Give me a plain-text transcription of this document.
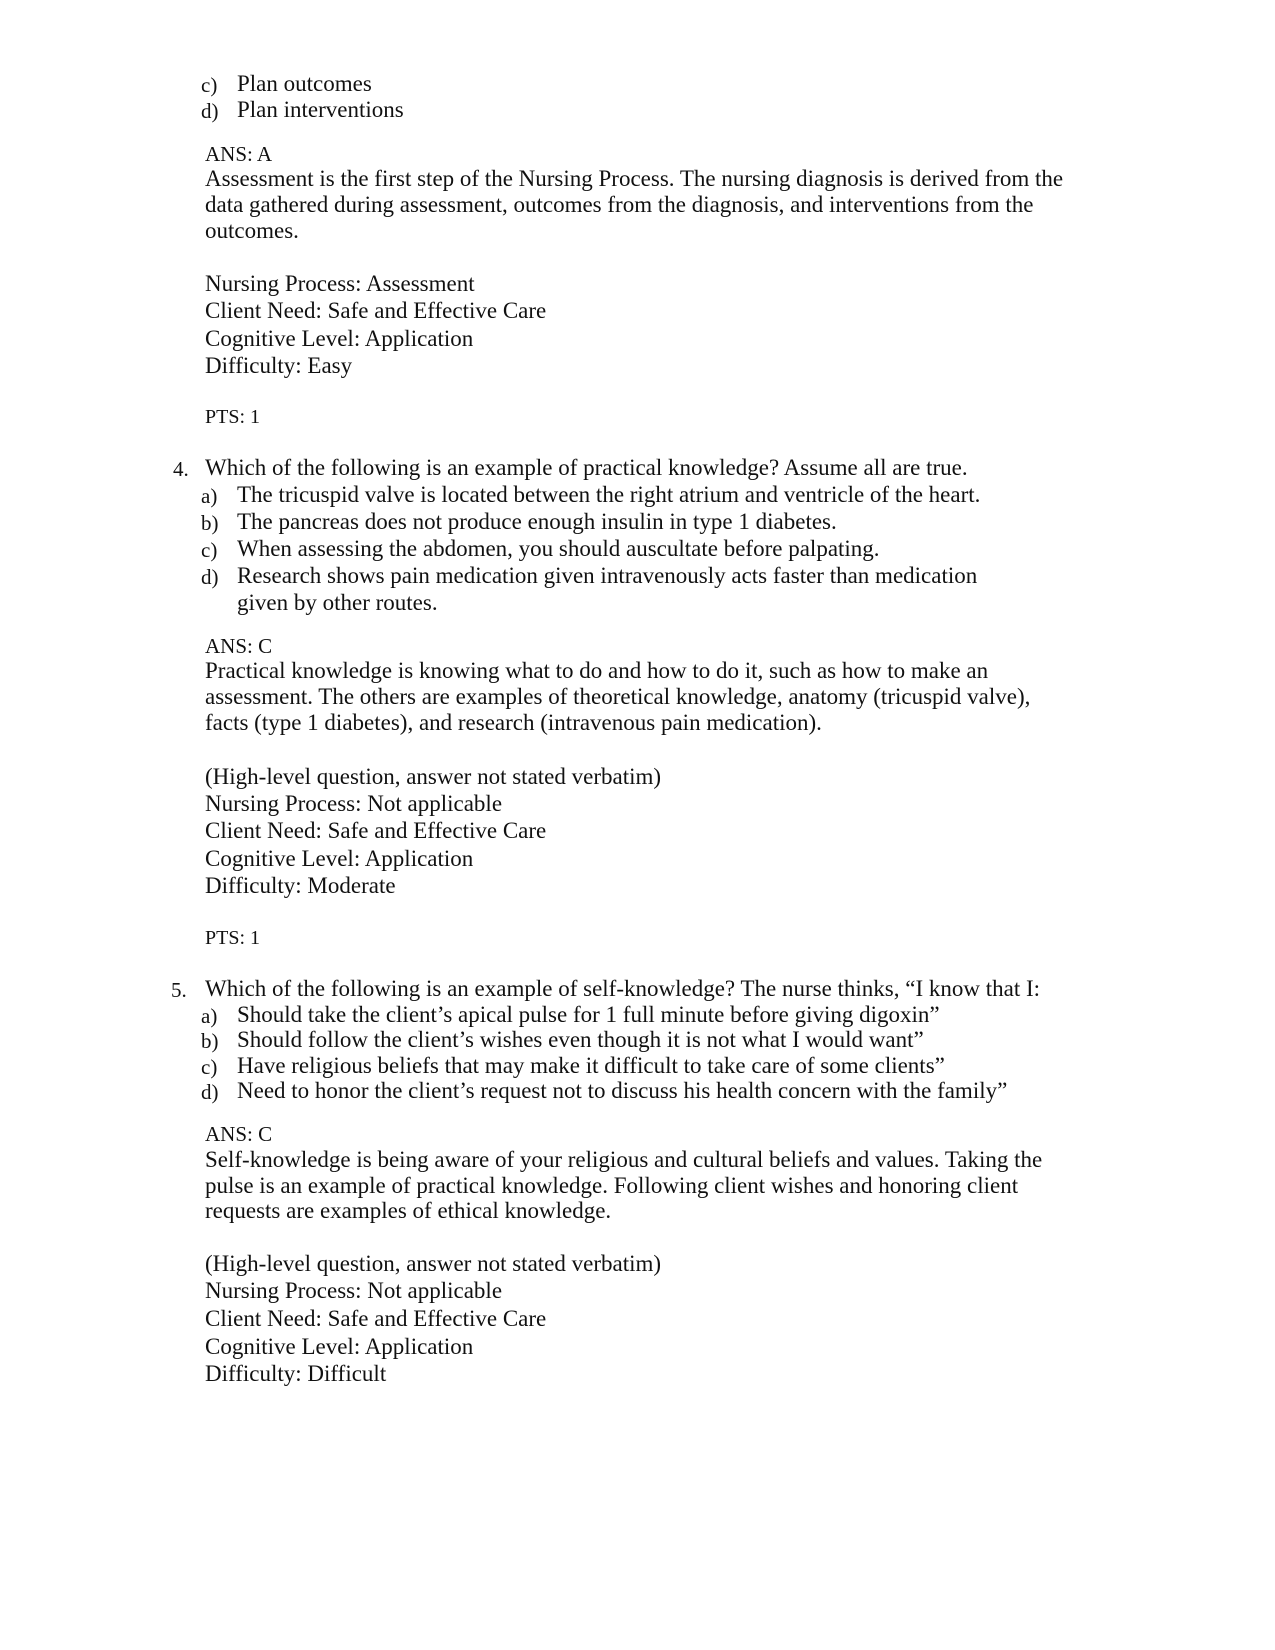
c) Plan outcomes
d) Plan interventions
ANS: A
Assessment is the first step of the Nursing Process. The nursing diagnosis is derived from the
data gathered during assessment, outcomes from the diagnosis, and interventions from the
outcomes.
Nursing Process: Assessment
Client Need: Safe and Effective Care
Cognitive Level: Application
Difficulty: Easy
PTS: 1
4. Which of the following is an example of practical knowledge? Assume all are true.
a) The tricuspid valve is located between the right atrium and ventricle of the heart.
b) The pancreas does not produce enough insulin in type 1 diabetes.
c) When assessing the abdomen, you should auscultate before palpating.
d) Research shows pain medication given intravenously acts faster than medication
given by other routes.
ANS: C
Practical knowledge is knowing what to do and how to do it, such as how to make an
assessment. The others are examples of theoretical knowledge, anatomy (tricuspid valve),
facts (type 1 diabetes), and research (intravenous pain medication).
(High-level question, answer not stated verbatim)
Nursing Process: Not applicable
Client Need: Safe and Effective Care
Cognitive Level: Application
Difficulty: Moderate
PTS: 1
5. Which of the following is an example of self-knowledge? The nurse thinks, “I know that I:
a) Should take the client’s apical pulse for 1 full minute before giving digoxin”
b) Should follow the client’s wishes even though it is not what I would want”
c) Have religious beliefs that may make it difficult to take care of some clients”
d) Need to honor the client’s request not to discuss his health concern with the family”
ANS: C
Self-knowledge is being aware of your religious and cultural beliefs and values. Taking the
pulse is an example of practical knowledge. Following client wishes and honoring client
requests are examples of ethical knowledge.
(High-level question, answer not stated verbatim)
Nursing Process: Not applicable
Client Need: Safe and Effective Care
Cognitive Level: Application
Difficulty: Difficult
